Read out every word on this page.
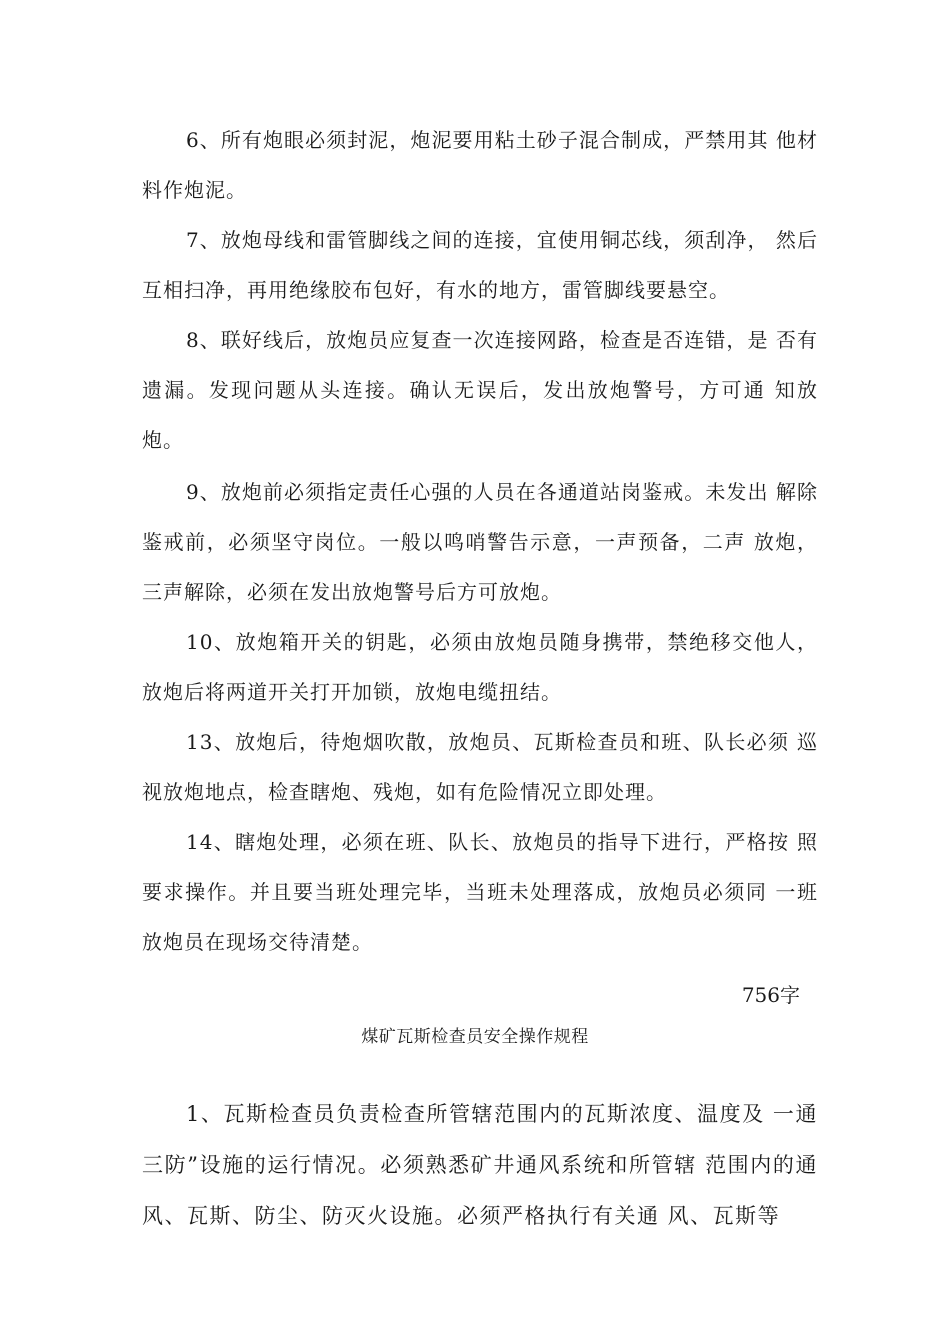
6、所有炮眼必须封泥，炮泥要用粘土砂子混合制成，严禁用其 他材料作炮泥。

7、放炮母线和雷管脚线之间的连接，宜使用铜芯线，须刮净， 然后互相扫净，再用绝缘胶布包好，有水的地方，雷管脚线要悬空。

8、联好线后，放炮员应复查一次连接网路，检查是否连错，是 否有遗漏。发现问题从头连接。确认无误后，发出放炮警号，方可通 知放炮。

9、放炮前必须指定责任心强的人员在各通道站岗鉴戒。未发出 解除鉴戒前，必须坚守岗位。一般以鸣哨警告示意，一声预备，二声 放炮，三声解除，必须在发出放炮警号后方可放炮。

10、放炮箱开关的钥匙，必须由放炮员随身携带，禁绝移交他人，放炮后将两道开关打开加锁，放炮电缆扭结。

13、放炮后，待炮烟吹散，放炮员、瓦斯检查员和班、队长必须 巡视放炮地点，检查瞎炮、残炮，如有危险情况立即处理。

14、瞎炮处理，必须在班、队长、放炮员的指导下进行，严格按 照要求操作。并且要当班处理完毕，当班未处理落成，放炮员必须同 一班放炮员在现场交待清楚。

756字

煤矿瓦斯检查员安全操作规程

1、瓦斯检查员负责检查所管辖范围内的瓦斯浓度、温度及 一通三防”设施的运行情况。必须熟悉矿井通风系统和所管辖 范围内的通风、瓦斯、防尘、防灭火设施。必须严格执行有关通 风、瓦斯等
